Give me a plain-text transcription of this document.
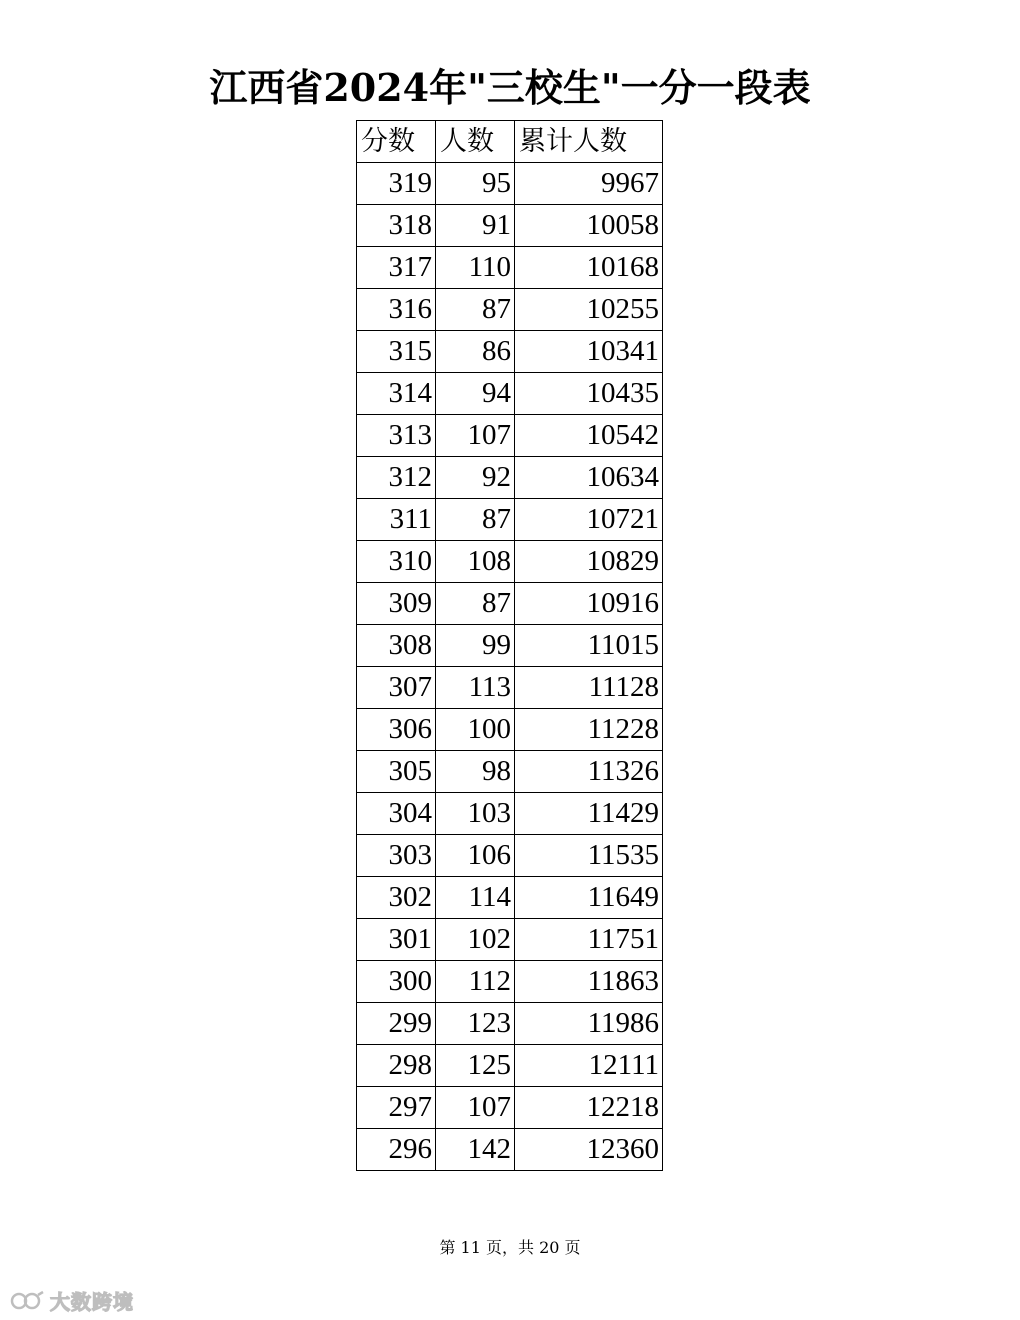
江西省2024年"三校生"一分一段表
分数	人数	累计人数
319	95	9967
318	91	10058
317	110	10168
316	87	10255
315	86	10341
314	94	10435
313	107	10542
312	92	10634
311	87	10721
310	108	10829
309	87	10916
308	99	11015
307	113	11128
306	100	11228
305	98	11326
304	103	11429
303	106	11535
302	114	11649
301	102	11751
300	112	11863
299	123	11986
298	125	12111
297	107	12218
296	142	12360
第 11 页，共 20 页
大数跨境
